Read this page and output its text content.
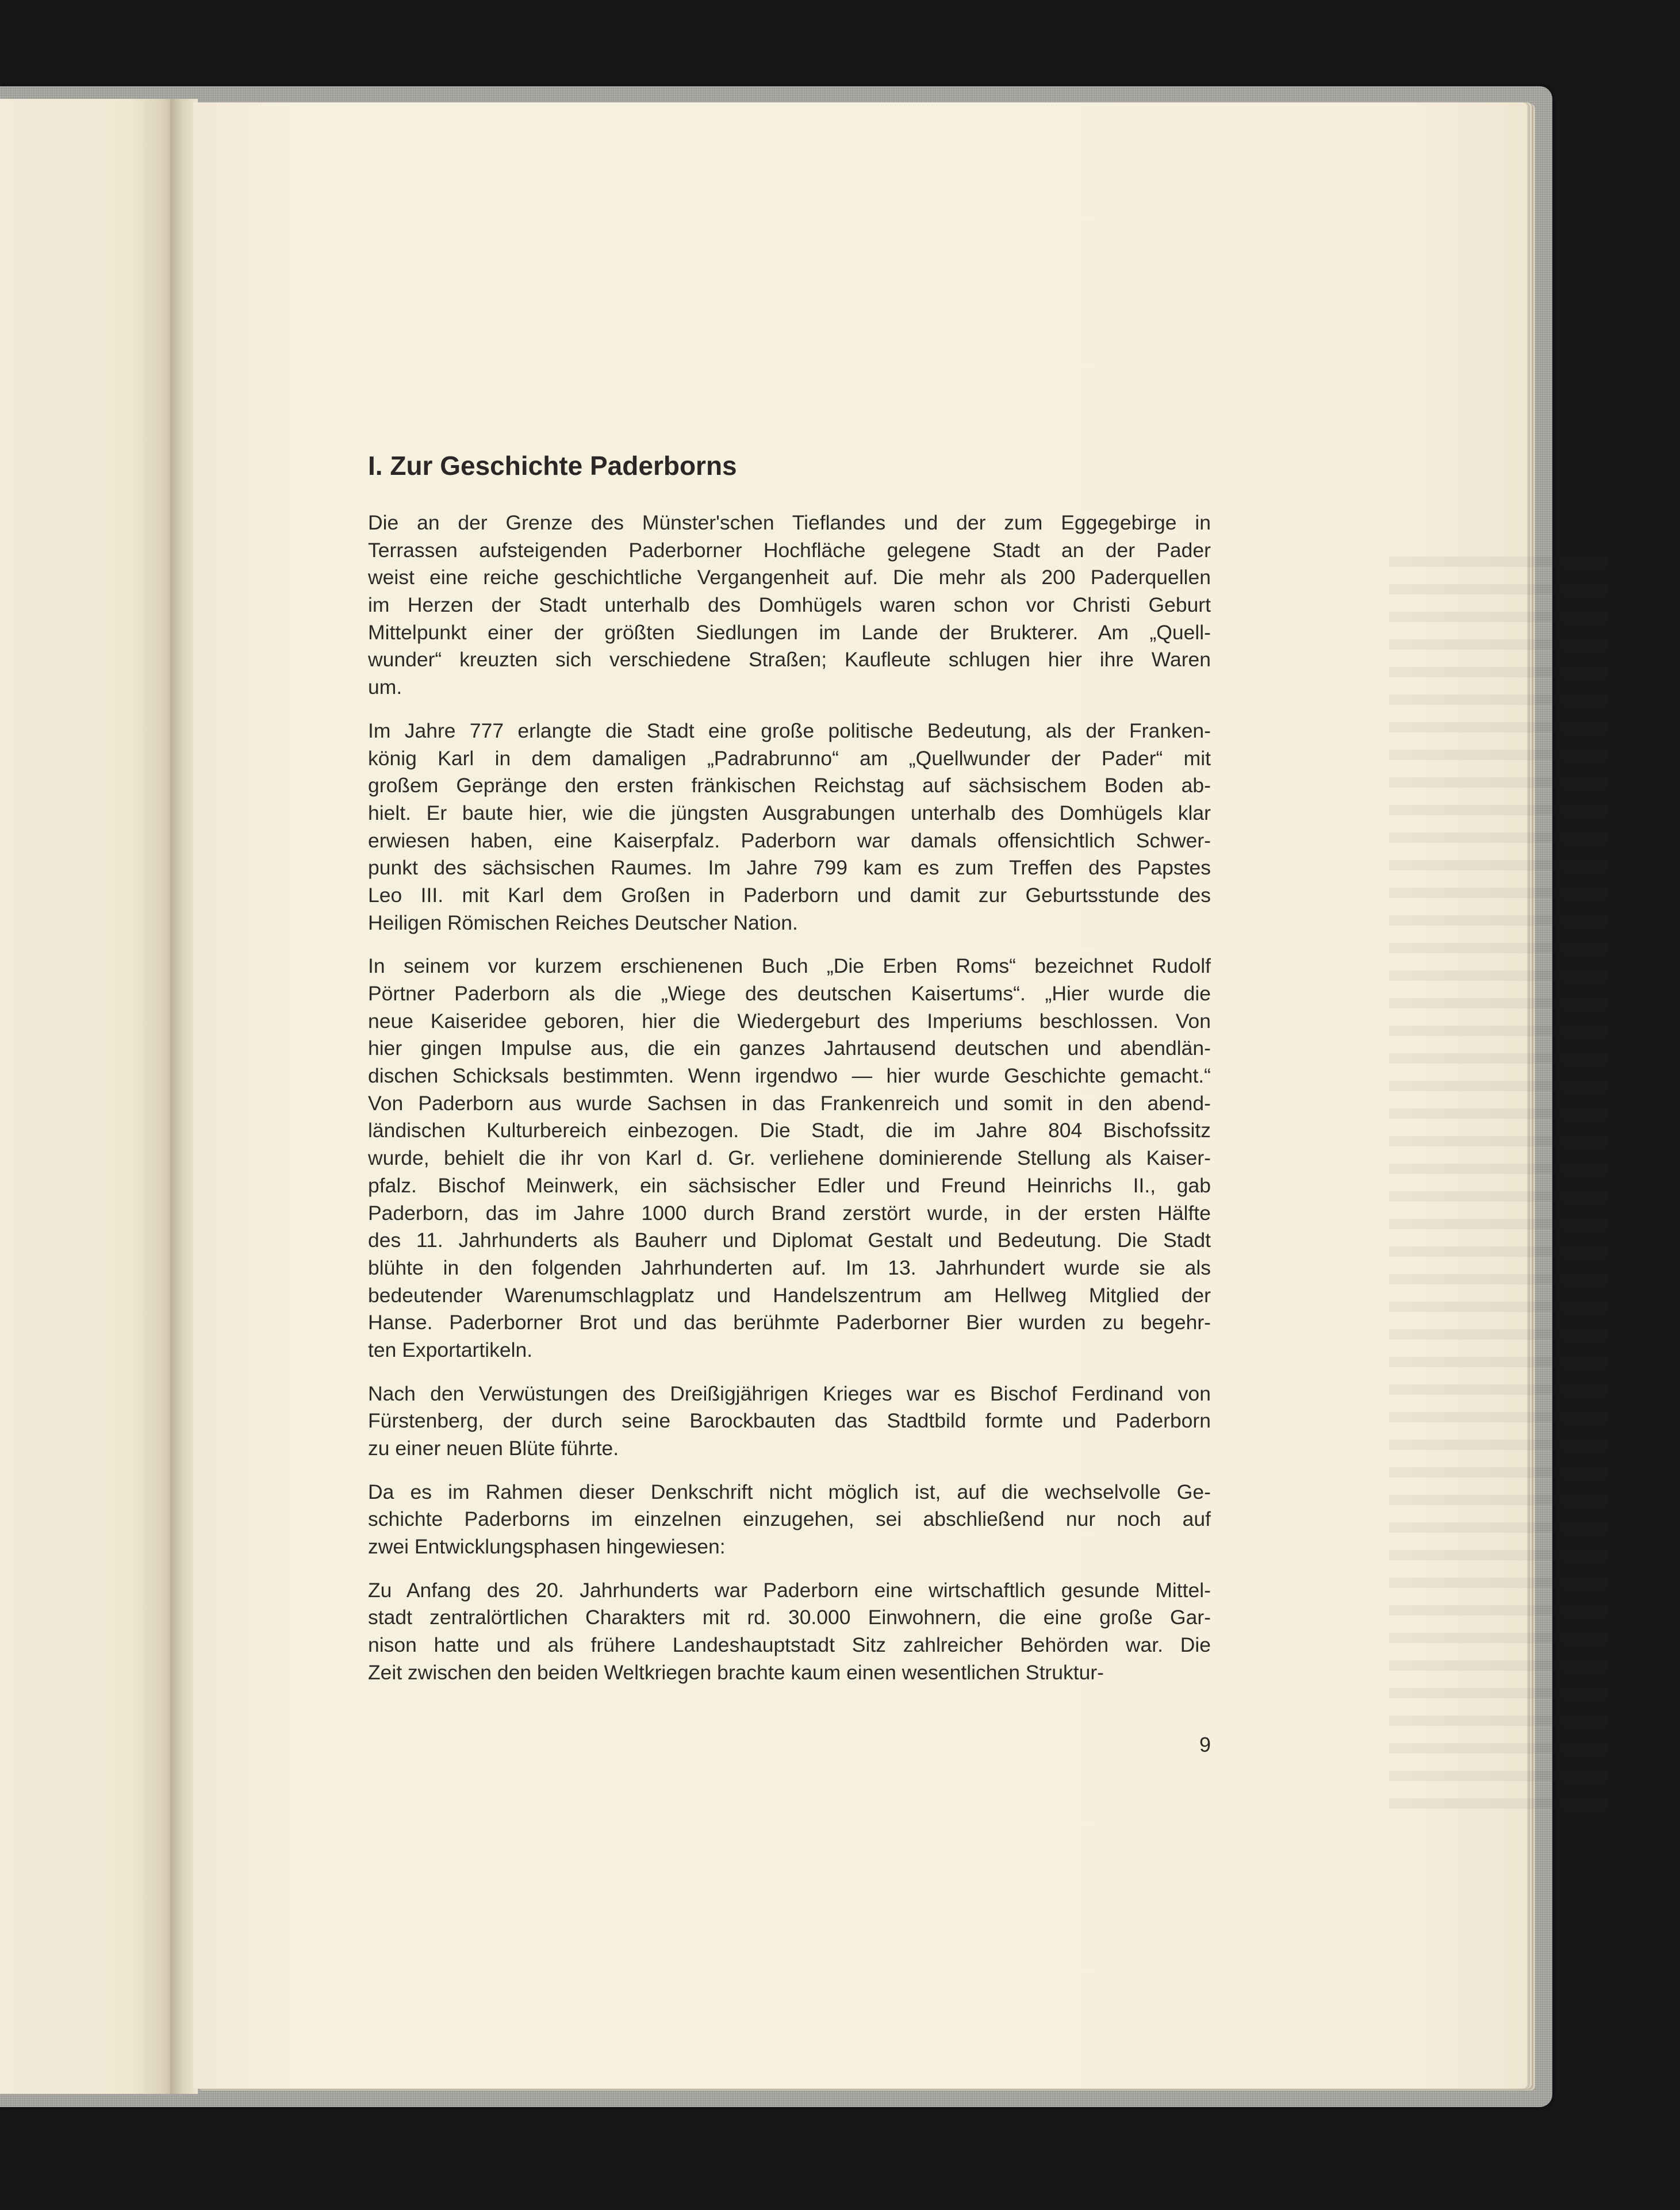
I. Zur Geschichte Paderborns
Die an der Grenze des Münster'schen Tieflandes und der zum Eggegebirge in
Terrassen aufsteigenden Paderborner Hochfläche gelegene Stadt an der Pader
weist eine reiche geschichtliche Vergangenheit auf. Die mehr als 200 Paderquellen
im Herzen der Stadt unterhalb des Domhügels waren schon vor Christi Geburt
Mittelpunkt einer der größten Siedlungen im Lande der Brukterer. Am „Quell-
wunder“ kreuzten sich verschiedene Straßen; Kaufleute schlugen hier ihre Waren
um.
Im Jahre 777 erlangte die Stadt eine große politische Bedeutung, als der Franken-
könig Karl in dem damaligen „Padrabrunno“ am „Quellwunder der Pader“ mit
großem Gepränge den ersten fränkischen Reichstag auf sächsischem Boden ab-
hielt. Er baute hier, wie die jüngsten Ausgrabungen unterhalb des Domhügels klar
erwiesen haben, eine Kaiserpfalz. Paderborn war damals offensichtlich Schwer-
punkt des sächsischen Raumes. Im Jahre 799 kam es zum Treffen des Papstes
Leo III. mit Karl dem Großen in Paderborn und damit zur Geburtsstunde des
Heiligen Römischen Reiches Deutscher Nation.
In seinem vor kurzem erschienenen Buch „Die Erben Roms“ bezeichnet Rudolf
Pörtner Paderborn als die „Wiege des deutschen Kaisertums“. „Hier wurde die
neue Kaiseridee geboren, hier die Wiedergeburt des Imperiums beschlossen. Von
hier gingen Impulse aus, die ein ganzes Jahrtausend deutschen und abendlän-
dischen Schicksals bestimmten. Wenn irgendwo — hier wurde Geschichte gemacht.“
Von Paderborn aus wurde Sachsen in das Frankenreich und somit in den abend-
ländischen Kulturbereich einbezogen. Die Stadt, die im Jahre 804 Bischofssitz
wurde, behielt die ihr von Karl d. Gr. verliehene dominierende Stellung als Kaiser-
pfalz. Bischof Meinwerk, ein sächsischer Edler und Freund Heinrichs II., gab
Paderborn, das im Jahre 1000 durch Brand zerstört wurde, in der ersten Hälfte
des 11. Jahrhunderts als Bauherr und Diplomat Gestalt und Bedeutung. Die Stadt
blühte in den folgenden Jahrhunderten auf. Im 13. Jahrhundert wurde sie als
bedeutender Warenumschlagplatz und Handelszentrum am Hellweg Mitglied der
Hanse. Paderborner Brot und das berühmte Paderborner Bier wurden zu begehr-
ten Exportartikeln.
Nach den Verwüstungen des Dreißigjährigen Krieges war es Bischof Ferdinand von
Fürstenberg, der durch seine Barockbauten das Stadtbild formte und Paderborn
zu einer neuen Blüte führte.
Da es im Rahmen dieser Denkschrift nicht möglich ist, auf die wechselvolle Ge-
schichte Paderborns im einzelnen einzugehen, sei abschließend nur noch auf
zwei Entwicklungsphasen hingewiesen:
Zu Anfang des 20. Jahrhunderts war Paderborn eine wirtschaftlich gesunde Mittel-
stadt zentralörtlichen Charakters mit rd. 30.000 Einwohnern, die eine große Gar-
nison hatte und als frühere Landeshauptstadt Sitz zahlreicher Behörden war. Die
Zeit zwischen den beiden Weltkriegen brachte kaum einen wesentlichen Struktur-
9
